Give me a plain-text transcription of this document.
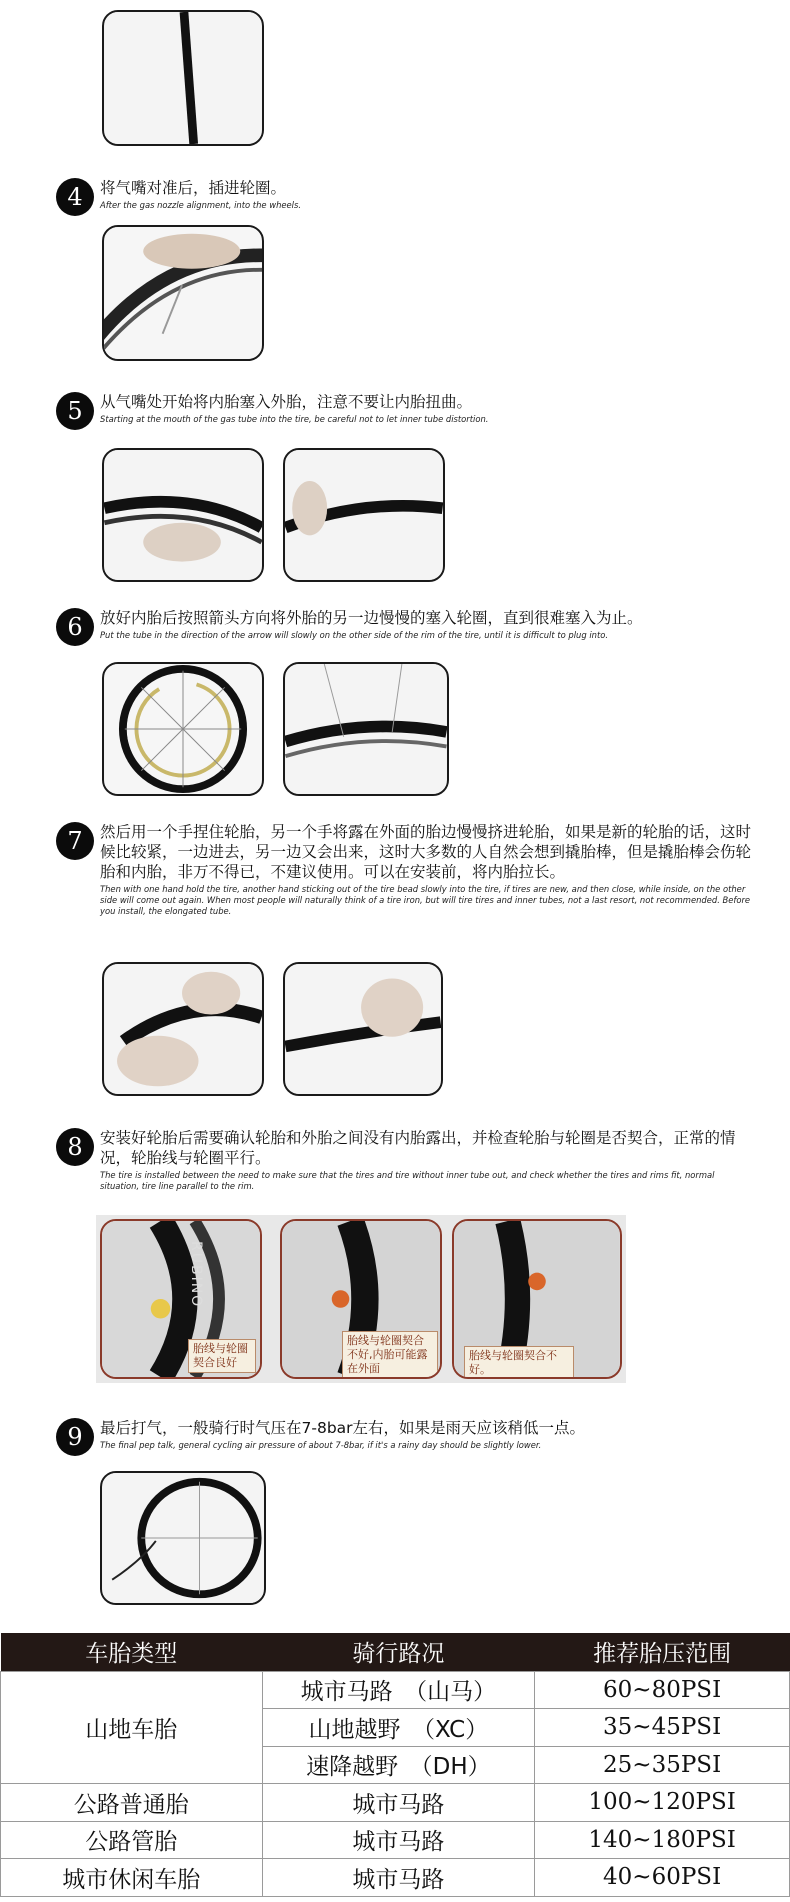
4	将气嘴对准后，插进轮圈。
After the gas nozzle alignment, into the wheels.
5	从气嘴处开始将内胎塞入外胎，注意不要让内胎扭曲。
Starting at the mouth of the gas tube into the tire, be careful not to let inner tube distortion.
6	放好内胎后按照箭头方向将外胎的另一边慢慢的塞入轮圈，直到很难塞入为止。
Put the tube in the direction of the arrow will slowly on the other side of the rim of the tire, until it is difficult to plug into.
7	然后用一个手捏住轮胎，另一个手将露在外面的胎边慢慢挤进轮胎，如果是新的轮胎的话，这时候比较紧，一边进去，另一边又会出来，这时大多数的人自然会想到撬胎棒，但是撬胎棒会伤轮胎和内胎，非万不得已，不建议使用。可以在安装前，将内胎拉长。
Then with one hand hold the tire, another hand sticking out of the tire bead slowly into the tire, if tires are new, and then close, while inside, on the other side will come out again. When most people will naturally think of a tire iron, but will tire tires and inner tubes, not a last resort, not recommended. Before you install, the elongated tube.
8	安装好轮胎后需要确认轮胎和外胎之间没有内胎露出，并检查轮胎与轮圈是否契合，正常的情况，轮胎线与轮圈平行。
The tire is installed between the need to make sure that the tires and tire without inner tube out, and check whether the tires and rims fit, normal situation, tire line parallel to the rim.
RUBINO
胎线与轮圈契合良好
胎线与轮圈契合不好,内胎可能露在外面
胎线与轮圈契合不好。
9	最后打气，一般骑行时气压在7-8bar左右，如果是雨天应该稍低一点。
The final pep talk, general cycling air pressure of about 7-8bar, if it's a rainy day should be slightly lower.
车胎类型	骑行路况	推荐胎压范围
山地车胎	城市马路　（山马）	60~80PSI
	山地越野　（XC）	35~45PSI
	速降越野　（DH）	25~35PSI
公路普通胎	城市马路	100~120PSI
公路管胎	城市马路	140~180PSI
城市休闲车胎	城市马路	40~60PSI
